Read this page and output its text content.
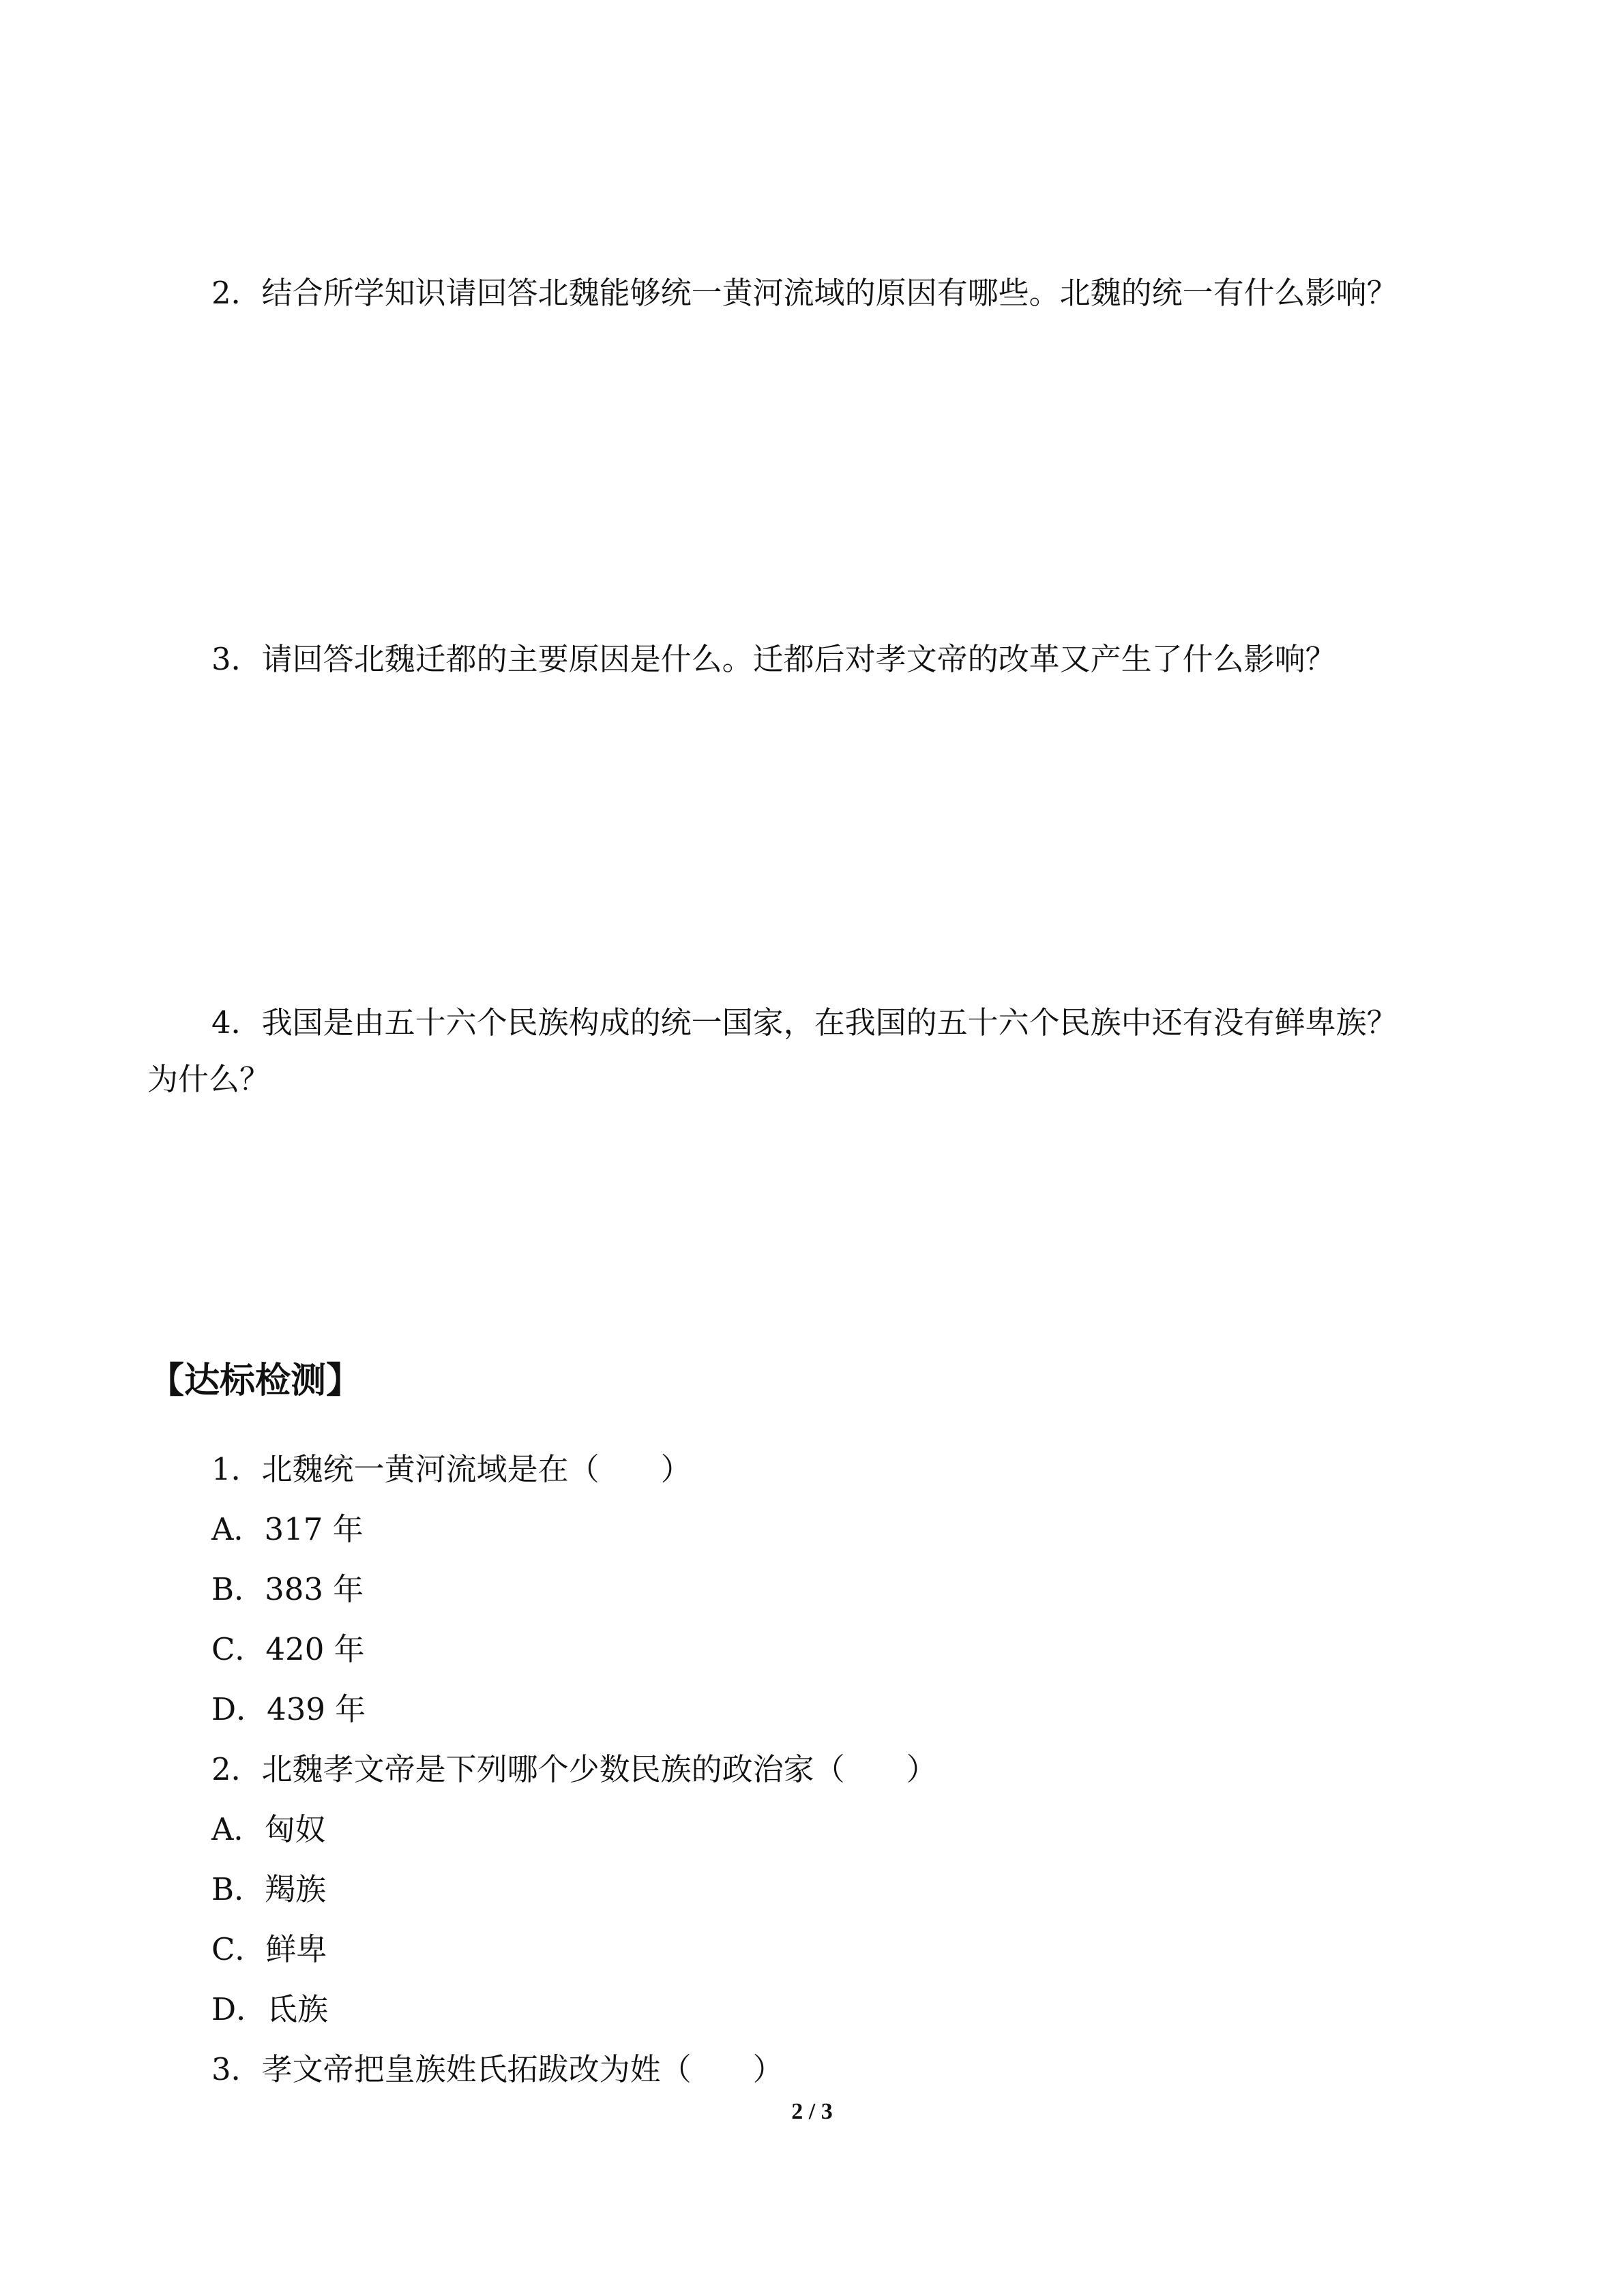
2．结合所学知识请回答北魏能够统一黄河流域的原因有哪些。北魏的统一有什么影响？

3．请回答北魏迁都的主要原因是什么。迁都后对孝文帝的改革又产生了什么影响？

4．我国是由五十六个民族构成的统一国家，在我国的五十六个民族中还有没有鲜卑族？

为什么？

【达标检测】

1．北魏统一黄河流域是在（　　）

A．317 年

B．383 年

C．420 年

D．439 年

2．北魏孝文帝是下列哪个少数民族的政治家（　　）

A．匈奴

B．羯族

C．鲜卑

D．氐族

3．孝文帝把皇族姓氏拓跋改为姓（　　）

2 / 3
